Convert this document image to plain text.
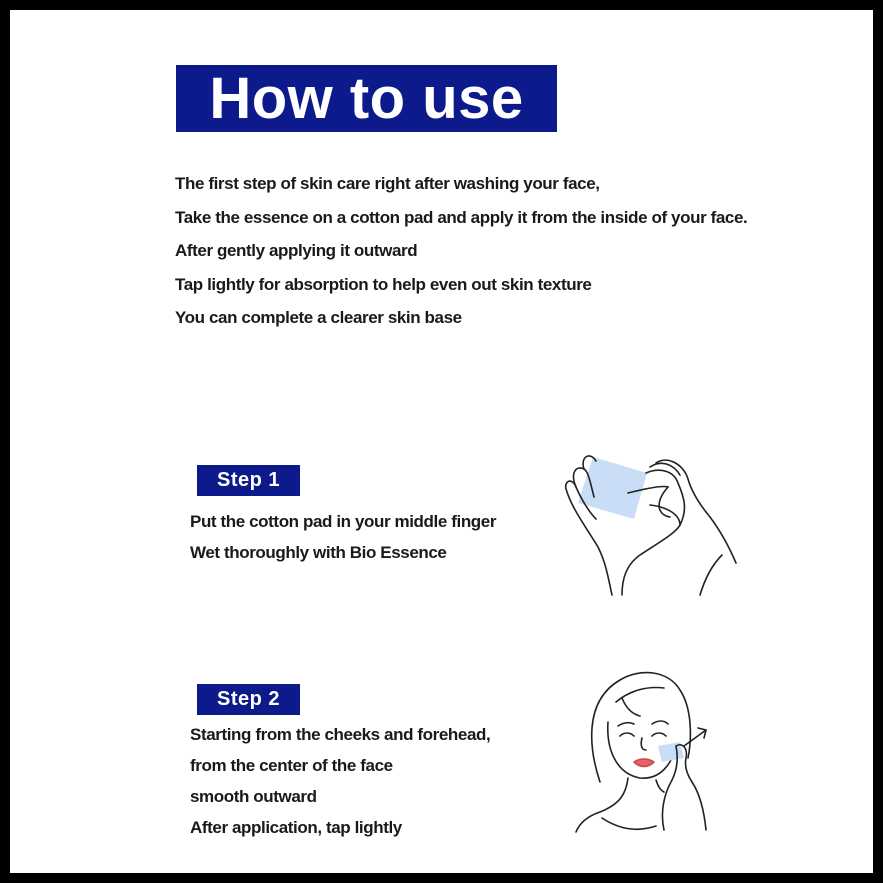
How to use
The first step of skin care right after washing your face,
Take the essence on a cotton pad and apply it from the inside of your face.
After gently applying it outward
Tap lightly for absorption to help even out skin texture
You can complete a clearer skin base
Step 1
Put the cotton pad in your middle finger
Wet thoroughly with Bio Essence
Step 2
Starting from the cheeks and forehead,
from the center of the face
smooth outward
After application, tap lightly
